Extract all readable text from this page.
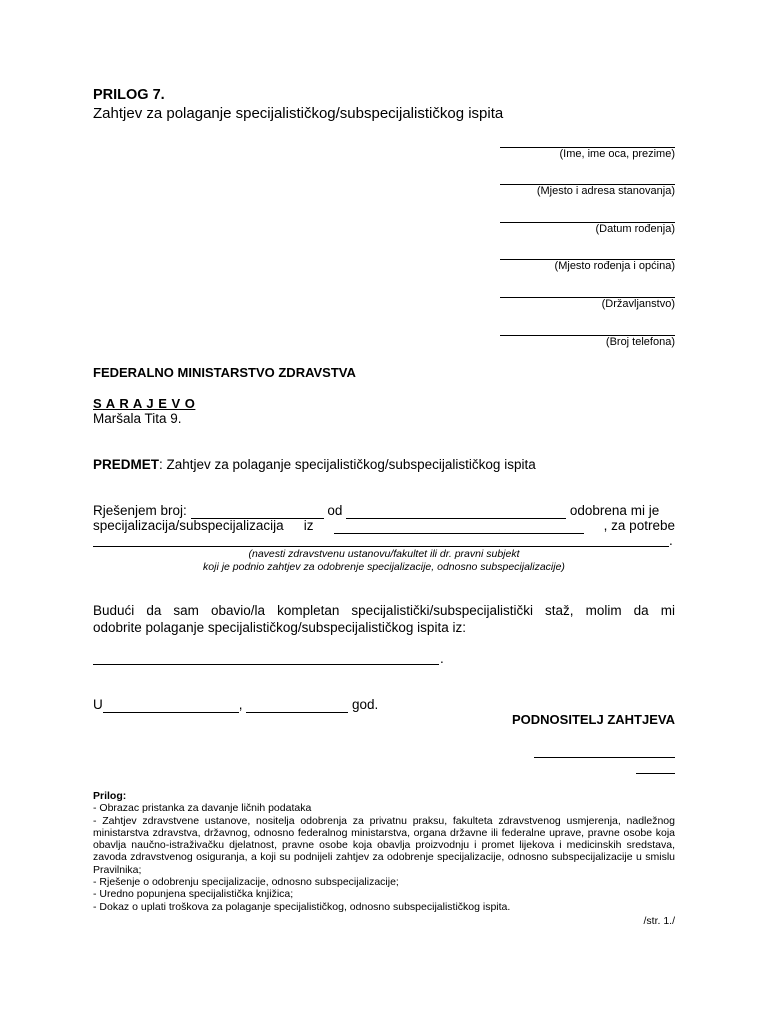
PRILOG 7.
Zahtjev za polaganje specijalističkog/subspecijalističkog ispita
(Ime, ime oca, prezime)
(Mjesto i adresa stanovanja)
(Datum rođenja)
(Mjesto rođenja i općina)
(Državljanstvo)
(Broj telefona)
FEDERALNO MINISTARSTVO ZDRAVSTVA
S A R A J E V O
Maršala Tita 9.
PREDMET: Zahtjev za polaganje specijalističkog/subspecijalističkog ispita
Rješenjem broj:	od	odobrena mi je
specijalizacija/subspecijalizacija iz
	, za potrebe
.
(navesti zdravstvenu ustanovu/fakultet ili dr. pravni subjekt
koji je podnio zahtjev za odobrenje specijalizacije, odnosno subspecijalizacije)
Budući da sam obavio/la kompletan specijalistički/subspecijalistički staž, molim da mi
odobrite polaganje specijalističkog/subspecijalističkog ispita iz:
.
U	,	god.
PODNOSITELJ ZAHTJEVA

Prilog:

- Obrazac pristanka za davanje ličnih podataka

- Zahtjev zdravstvene ustanove, nositelja odobrenja za privatnu praksu, fakulteta zdravstvenog usmjerenja, nadležnog ministarstva zdravstva, državnog, odnosno federalnog ministarstva, organa državne ili federalne uprave, pravne osobe koja obavlja naučno-istraživačku djelatnost, pravne osobe koja obavlja proizvodnju i promet lijekova i medicinskih sredstava, zavoda zdravstvenog osiguranja, a koji su podnijeli zahtjev za odobrenje specijalizacije, odnosno subspecijalizacije u smislu Pravilnika;

- Rješenje o odobrenju specijalizacije, odnosno subspecijalizacije;

- Uredno popunjena specijalistička knjižica;

- Dokaz o uplati troškova za polaganje specijalističkog, odnosno subspecijalističkog ispita.

/str. 1./
